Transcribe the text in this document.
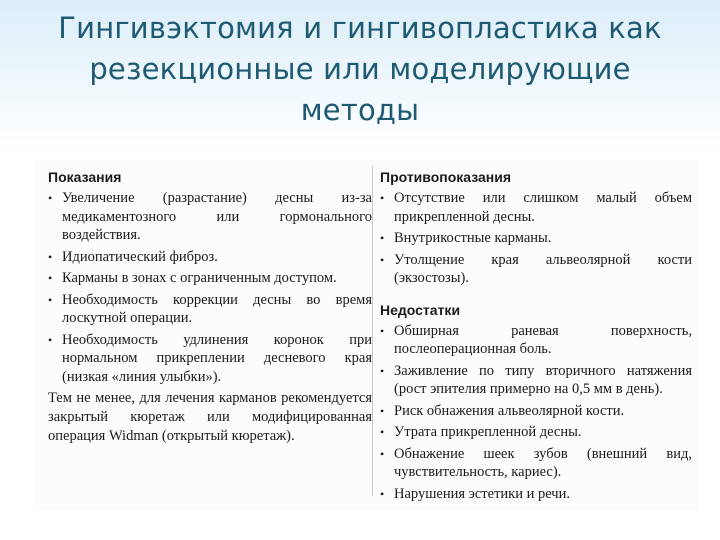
Гингивэктомия и гингивопластика как
резекционные или моделирующие
методы
Показания
• Увеличение (разрастание) десны из-за медикаментозного или гормонального воздействия.
• Идиопатический фиброз.
• Карманы в зонах с ограниченным доступом.
• Необходимость коррекции десны во время лоскутной операции.
• Необходимость удлинения коронок при нормальном прикреплении десневого края (низкая «линия улыбки»).
Тем не менее, для лечения карманов рекомендуется закрытый кюретаж или модифицированная операция Widman (открытый кюретаж).
Противопоказания
• Отсутствие или слишком малый объем прикрепленной десны.
• Внутрикостные карманы.
• Утолщение края альвеолярной кости (экзостозы).
Недостатки
• Обширная раневая поверхность, послеоперационная боль.
• Заживление по типу вторичного натяжения (рост эпителия примерно на 0,5 мм в день).
• Риск обнажения альвеолярной кости.
• Утрата прикрепленной десны.
• Обнажение шеек зубов (внешний вид, чувствительность, кариес).
• Нарушения эстетики и речи.
